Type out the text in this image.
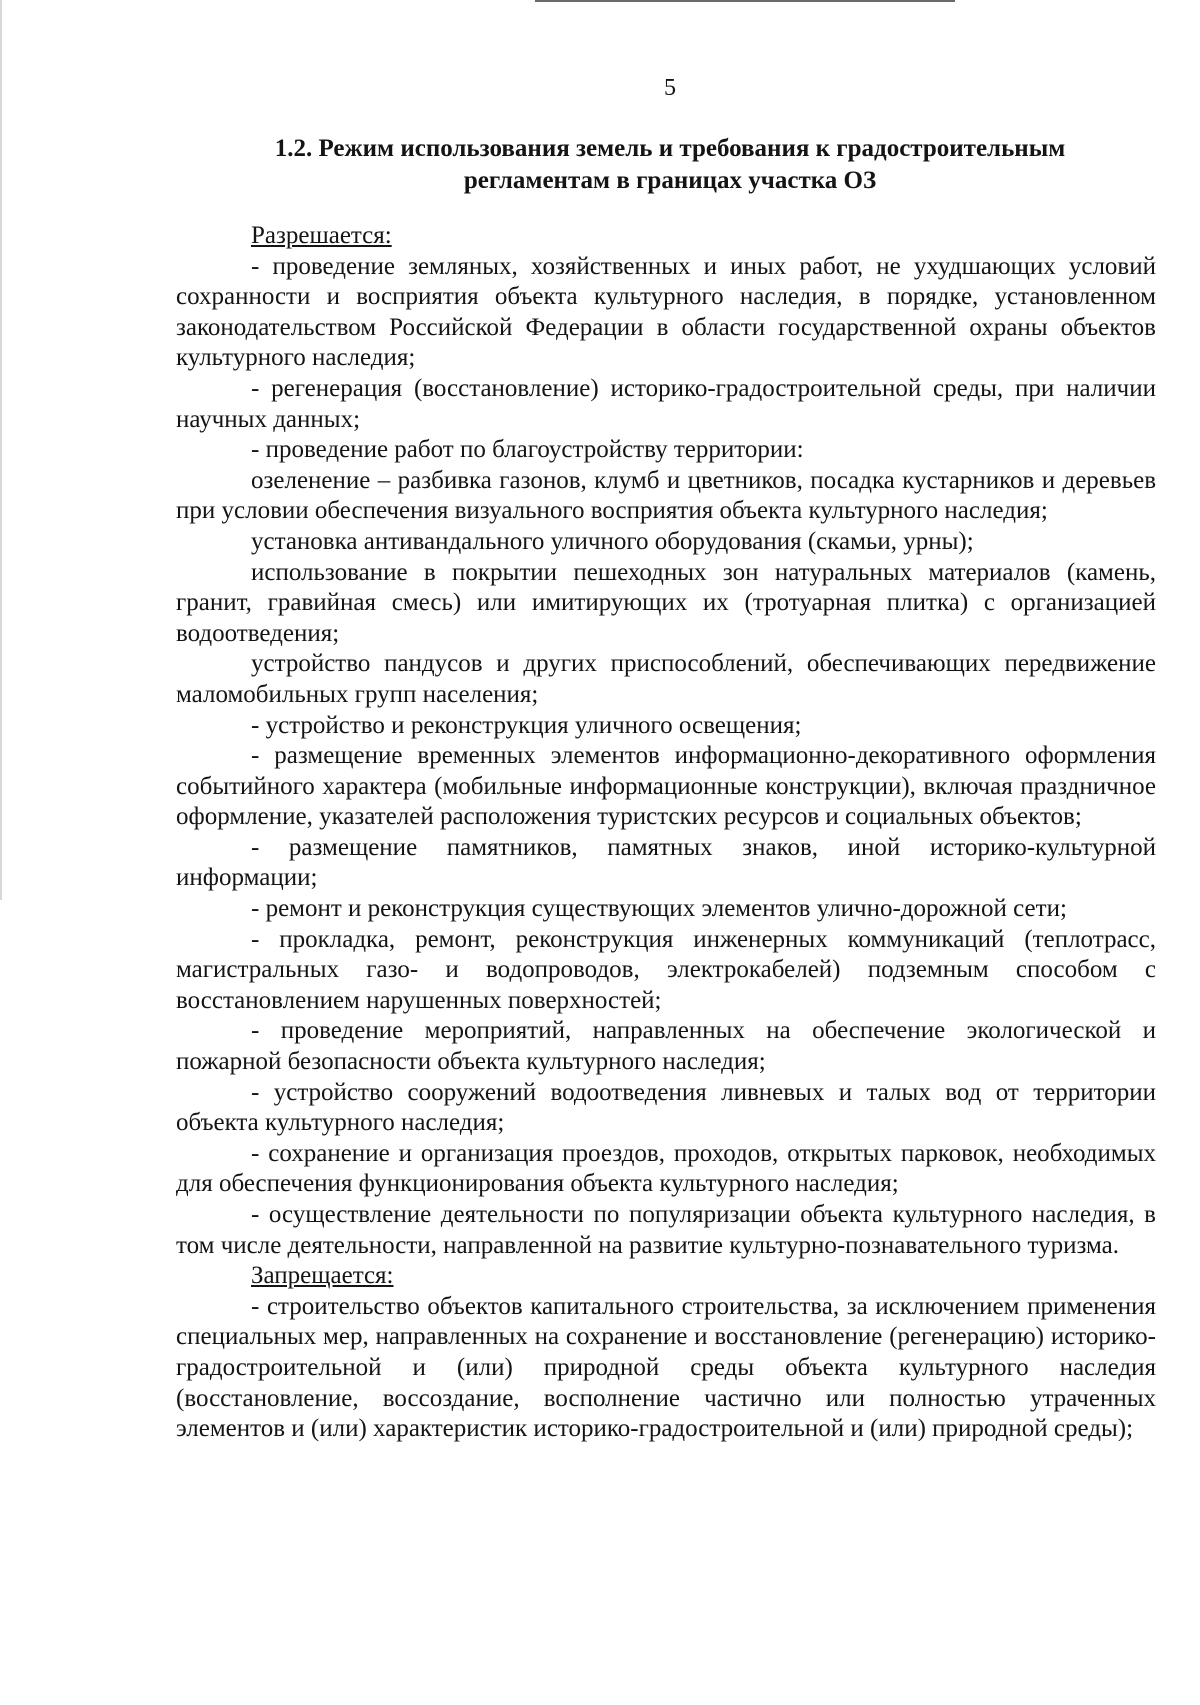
5
1.2. Режим использования земель и требования к градостроительным регламентам в границах участка ОЗ

Разрешается:

- проведение земляных, хозяйственных и иных работ, не ухудшающих условий сохранности и восприятия объекта культурного наследия, в порядке, установленном законодательством Российской Федерации в области государственной охраны объектов культурного наследия;

- регенерация (восстановление) историко-градостроительной среды, при наличии научных данных;

- проведение работ по благоустройству территории:

озеленение – разбивка газонов, клумб и цветников, посадка кустарников и деревьев при условии обеспечения визуального восприятия объекта культурного наследия;

установка антивандального уличного оборудования (скамьи, урны);

использование в покрытии пешеходных зон натуральных материалов (камень, гранит, гравийная смесь) или имитирующих их (тротуарная плитка) с организацией водоотведения;

устройство пандусов и других приспособлений, обеспечивающих передвижение маломобильных групп населения;

- устройство и реконструкция уличного освещения;

- размещение временных элементов информационно-декоративного оформления событийного характера (мобильные информационные конструкции), включая праздничное оформление, указателей расположения туристских ресурсов и социальных объектов;

- размещение памятников, памятных знаков, иной историко-культурной информации;

- ремонт и реконструкция существующих элементов улично-дорожной сети;

- прокладка, ремонт, реконструкция инженерных коммуникаций (теплотрасс, магистральных газо- и водопроводов, электрокабелей) подземным способом с восстановлением нарушенных поверхностей;

- проведение мероприятий, направленных на обеспечение экологической и пожарной безопасности объекта культурного наследия;

- устройство сооружений водоотведения ливневых и талых вод от территории объекта культурного наследия;

- сохранение и организация проездов, проходов, открытых парковок, необходимых для обеспечения функционирования объекта культурного наследия;

- осуществление деятельности по популяризации объекта культурного наследия, в том числе деятельности, направленной на развитие культурно-познавательного туризма.

Запрещается:

- строительство объектов капитального строительства, за исключением применения специальных мер, направленных на сохранение и восстановление (регенерацию) историко-градостроительной и (или) природной среды объекта культурного наследия (восстановление, воссоздание, восполнение частично или полностью утраченных элементов и (или) характеристик историко-градостроительной и (или) природной среды);
